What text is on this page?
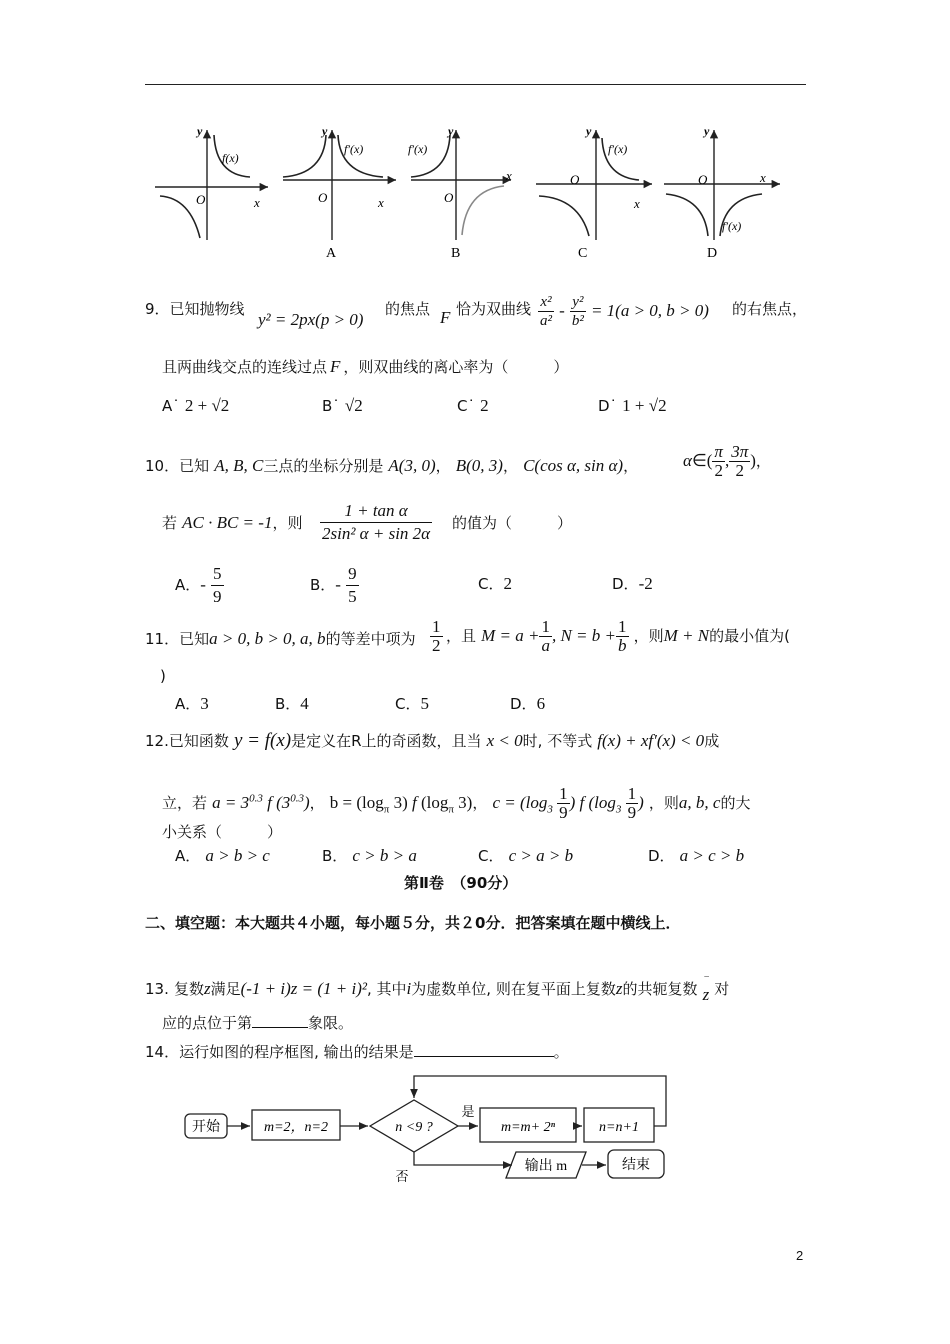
y
O	x
f(x)
y
O	x
f′(x)
A
y
O
x
f′(x)
B
y
O
x
f′(x)
C
y
O	x
f′(x)
D
9．已知抛物线
y² = 2px(p > 0)
的焦点 F 恰为双曲线 $\frac{\text{x²}}{\text{a²}} - \frac{\text{y²}}{\text{b²}} = 1(a > 0$, b > 0) 的右焦点，
且两曲线交点的连线过点 F ，则双曲线的离心率为（　　　）
A˙ 2 + √2	B˙ √2	C˙ 2	D˙ 1 + √2
10．已知 A, B, C三点的坐标分别是 A(3, 0)， B(0, 3)， C(cos α, sin α)，	α∈( $\frac{\pi}{2}$ , $\frac{3\pi}{2}$ )，
若 AC · BC = -1，则 $\frac{\text{1 + tan α}}{\text{2sin² α + sin 2α}}$ 的值为（　　　）
A．- $\frac{5}{9}$	B．- $\frac{9}{5}$	C．2	D．-2
11．已知a > 0, b > 0, a, b的等差中项为 $\frac{1}{2}$ ，且 $M = a + \frac{1}{a}$ , $N = b + \frac{1}{b}$ ，则M + N的最小值为(
)
A．3	B．4	C．5	D．6
12.已知函数 y = f(x)是定义在R上的奇函数，且当 x < 0时, 不等式 f(x) + xf′(x) < 0成
立，若 $a = 3^{0.3}$ f $(3^{0.3})$， $b = (\log_\pi$ 3) f ($\log_\pi$ 3)， $c = (\log_3 \frac{1}{9}$ ) f ($\log_3 \frac{1}{9}$ ) ，则a, b, c的大
小关系（　　　）
A． a > b > c	B． c > b > a	C． c > a > b	D． a > c > b
第Ⅱ卷　（90分）
二、填空题：本大题共４小题，每小题５分，共２0分．把答案填在题中横线上．
13. 复数z满足(-1 + i)z = (1 + i)², 其中i为虚数单位, 则在复平面上复数z的共轭复数 ‾
z 对
应的点位于第	象限。
14．运行如图的程序框图, 输出的结果是	。
开始	m=2，n=2	n <9 ?
是
m=m+ 2ⁿ	n=n+1
否
输出 m	结束
2
